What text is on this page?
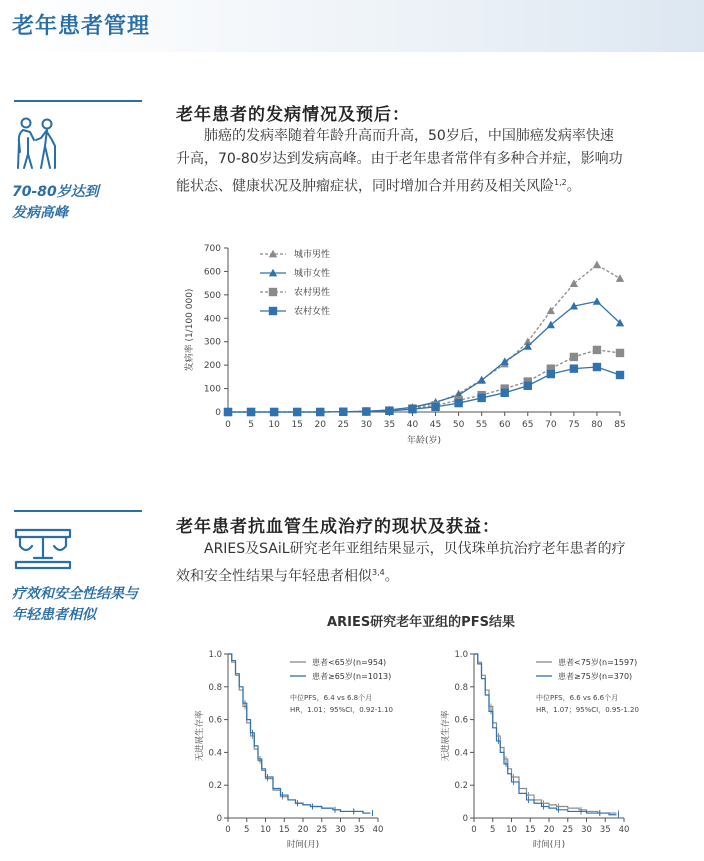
老年患者管理
70-80岁达到
发病高峰
老年患者的发病情况及预后：
肺癌的发病率随着年龄升高而升高，50岁后，中国肺癌发病率快速
升高，70-80岁达到发病高峰。由于老年患者常伴有多种合并症，影响功
能状态、健康状况及肿瘤症状，同时增加合并用药及相关风险$^{1,2}$。
0
100
200
300
400
500
600
700
0 5 10 15 20 25 30 35 40 45 50 55 60 65 70 75 80 85
年龄(岁)
发病率 (1/100 000)
城市男性
城市女性
农村男性
农村女性
疗效和安全性结果与
年轻患者相似
老年患者抗血管生成治疗的现状及获益：
ARIES及SAiL研究老年亚组结果显示，贝伐珠单抗治疗老年患者的疗
效和安全性结果与年轻患者相似$^{3,4}$。
ARIES研究老年亚组的PFS结果
0
0.2
0.4
0.6
0.8
1.0
0 5 10 15 20 25 30 35 40
时间(月)
无进展生存率
患者<65岁(n=954)
患者≥65岁(n=1013)
中位PFS，6.4 vs 6.8个月
HR，1.01；95%CI，0.92-1.10
0
0.2
0.4
0.6
0.8
1.0
0 5 10 15 20 25 30 35 40
时间(月)
无进展生存率
患者<75岁(n=1597)
患者≥75岁(n=370)
中位PFS，6.6 vs 6.6个月
HR，1.07；95%CI，0.95-1.20
